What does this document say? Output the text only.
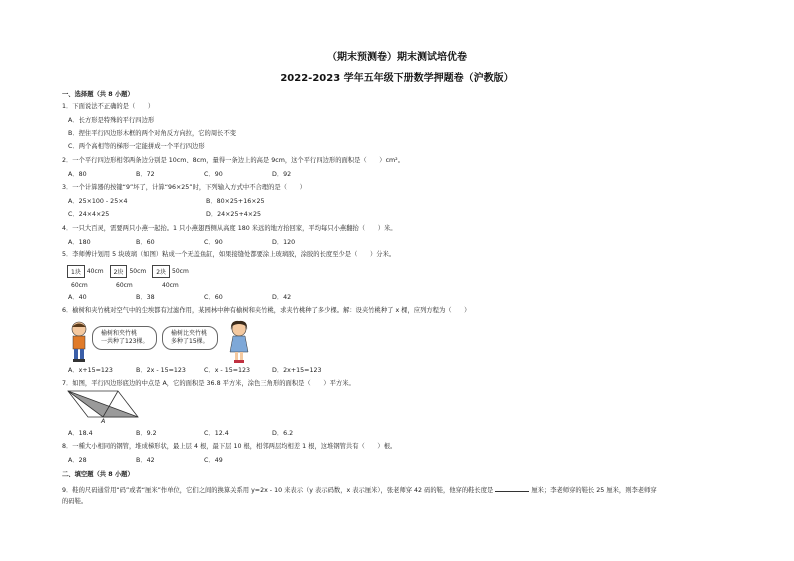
（期末预测卷）期末测试培优卷
2022-2023 学年五年级下册数学押题卷（沪教版）
一、选择题（共 8 小题）
1．下面说法不正确的是（　　）
A．长方形是特殊的平行四边形
B．捏住平行四边形木框的两个对角反方向拉，它的周长不变
C．两个高相等的梯形一定能拼成一个平行四边形
2．一个平行四边形相邻两条边分别是 10cm、8cm，量得一条边上的高是 9cm，这个平行四边形的面积是（　　）cm²。
A．80	B．72	C．90	D．92
3．一个计算器的按键“9”坏了，计算“96×25”时，下列输入方式中不合理的是（　　）
A．25×100 - 25×4	B．80×25+16×25
C．24×4×25	D．24×25+4×25
4．一只大百灵，需要两只小燕一起抬。1 只小燕翅西侧从高度 180 米远的地方抬回家，平均每只小燕翻抬（　　）米。
A．180	B．60	C．90	D．120
5．李师傅计划用 5 块玻璃（如图）粘成一个无盖鱼缸，如果接缝处都要涂上玻璃胶，涂胶的长度至少是（　　）分米。
1块	40cm	2块	50cm	2块	50cm
60cm	60cm	40cm
A．40	B．38	C．60	D．42
6．榆树和夹竹桃对空气中的尘埃都有过滤作用，某园林中种有榆树和夹竹桃，求夹竹桃种了多少棵。解：设夹竹桃种了 x 棵，应列方程为（　　）
榆树和夹竹桃
一共种了123棵。
榆树比夹竹桃
多种了15棵。
A．x+15=123	B．2x - 15=123	C．x - 15=123	D．2x+15=123
7．如图，平行四边形底边的中点是 A，它的面积是 36.8 平方米，涂色三角形的面积是（　　）平方米。
A
A．18.4	B．9.2	C．12.4	D．6.2
8．一種大小相同的钢管，堆成梯形状，最上层 4 根，最下层 10 根，相邻两层均相差 1 根，这堆钢管共有（　　）根。
A．28	B．42	C．49
二、填空题（共 8 小题）
9．鞋的尺码通常用“码”或者“厘米”作单位，它们之间的换算关系用 y=2x - 10 来表示（y 表示码数，x 表示厘米），张老师穿 42 码的鞋，他穿的鞋长度是	厘米；李老师穿的鞋长 25 厘米，则李老师穿
的码鞋。
